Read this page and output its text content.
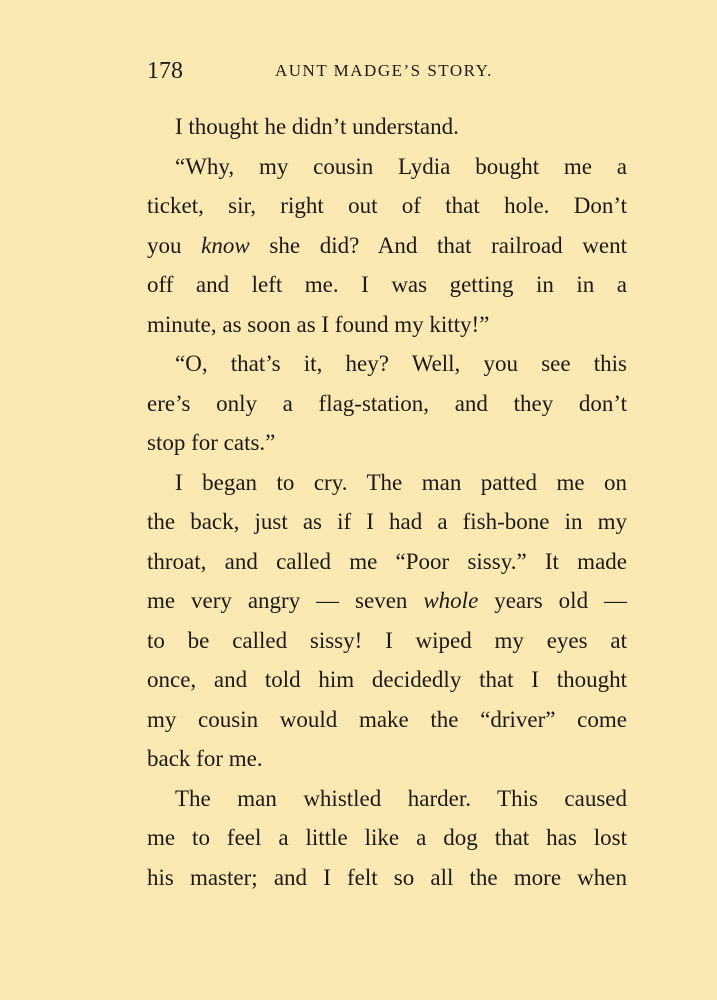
178	AUNT MADGE’S STORY.
I thought he didn’t understand.
“Why, my cousin Lydia bought me a
ticket, sir, right out of that hole. Don’t
you know she did? And that railroad went
off and left me. I was getting in in a
minute, as soon as I found my kitty!”
“O, that’s it, hey? Well, you see this
ere’s only a flag-station, and they don’t
stop for cats.”
I began to cry. The man patted me on
the back, just as if I had a fish-bone in my
throat, and called me “Poor sissy.” It made
me very angry — seven whole years old —
to be called sissy! I wiped my eyes at
once, and told him decidedly that I thought
my cousin would make the “driver” come
back for me.
The man whistled harder. This caused
me to feel a little like a dog that has lost
his master; and I felt so all the more when
